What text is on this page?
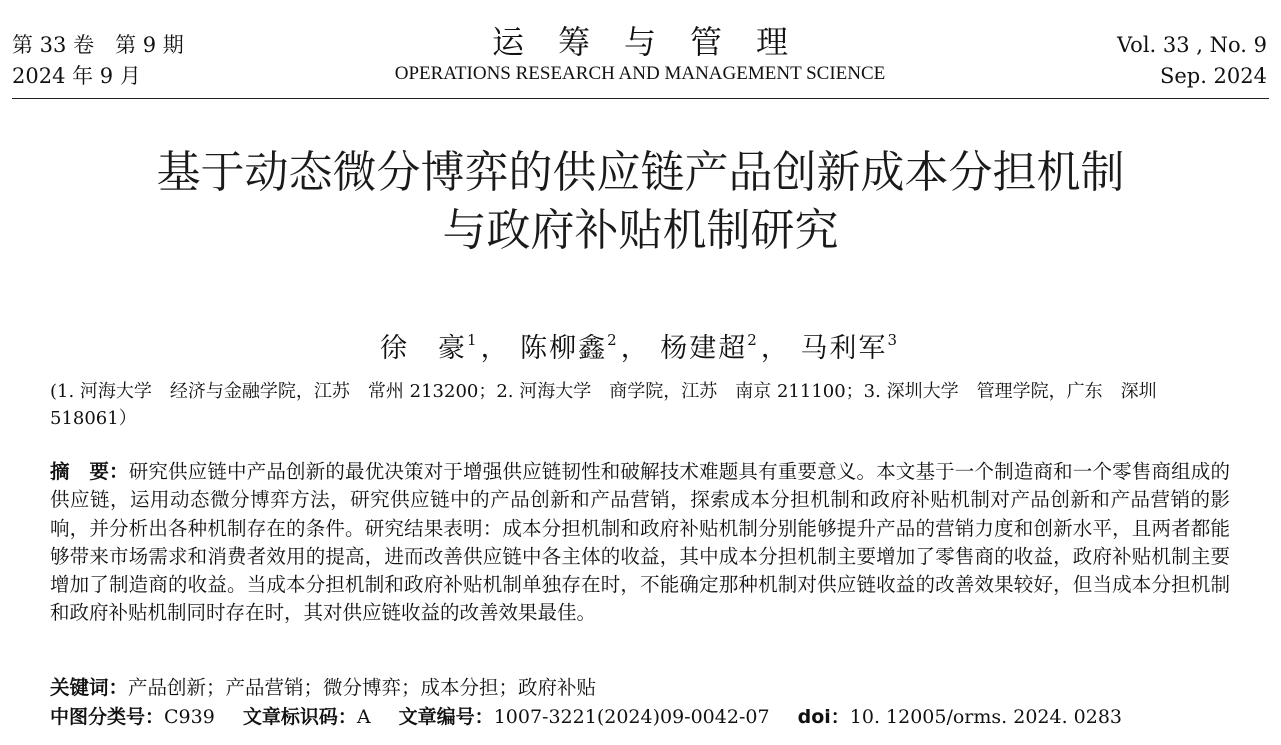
第 33 卷　第 9 期
2024 年 9 月
运筹与管理
OPERATIONS RESEARCH AND MANAGEMENT SCIENCE
Vol. 33 , No. 9
Sep. 2024
基于动态微分博弈的供应链产品创新成本分担机制
与政府补贴机制研究
徐　豪$^1$ ， 陈柳鑫$^2$ ， 杨建超$^2$ ， 马利军$^3$
(1. 河海大学　经济与金融学院，江苏　常州 213200；2. 河海大学　商学院，江苏　南京 211100；3. 深圳大学　管理学院，广东　深圳 518061）
摘　要：研究供应链中产品创新的最优决策对于增强供应链韧性和破解技术难题具有重要意义。本文基于一个制造商和一个零售商组成的供应链，运用动态微分博弈方法，研究供应链中的产品创新和产品营销，探索成本分担机制和政府补贴机制对产品创新和产品营销的影响，并分析出各种机制存在的条件。研究结果表明：成本分担机制和政府补贴机制分别能够提升产品的营销力度和创新水平，且两者都能够带来市场需求和消费者效用的提高，进而改善供应链中各主体的收益，其中成本分担机制主要增加了零售商的收益，政府补贴机制主要增加了制造商的收益。当成本分担机制和政府补贴机制单独存在时，不能确定那种机制对供应链收益的改善效果较好，但当成本分担机制和政府补贴机制同时存在时，其对供应链收益的改善效果最佳。
关键词：产品创新；产品营销；微分博弈；成本分担；政府补贴
中图分类号：C939 文章标识码：A 文章编号：1007-3221(2024)09-0042-07 doi：10. 12005/orms. 2024. 0283
